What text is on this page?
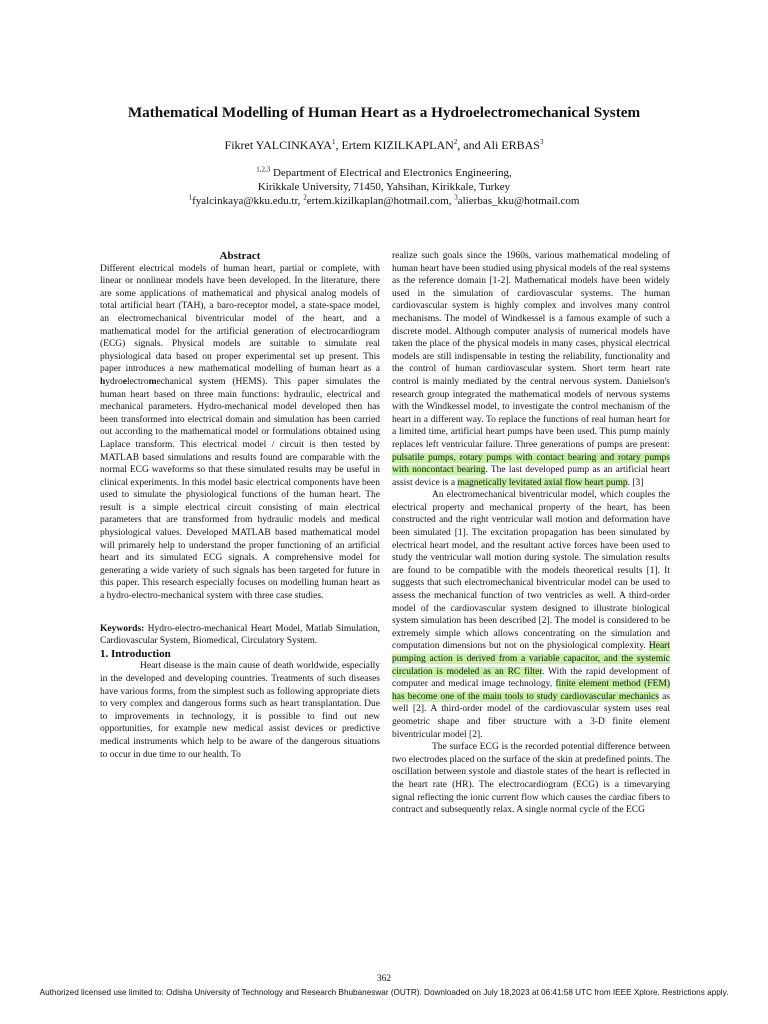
Mathematical Modelling of Human Heart as a Hydroelectromechanical System
Fikret YALCINKAYA$^1$, Ertem KIZILKAPLAN$^2$, and Ali ERBAS$^3$
$^{1,2,3}$ Department of Electrical and Electronics Engineering,
Kirikkale University, 71450, Yahsihan, Kirikkale, Turkey
$^1$fyalcinkaya@kku.edu.tr, $^2$ertem.kizilkaplan@hotmail.com, $^3$alierbas_kku@hotmail.com

Abstract

Different electrical models of human heart, partial or complete, with linear or nonlinear models have been developed. In the literature, there are some applications of mathematical and physical analog models of total artificial heart (TAH), a baro-receptor model, a state-space model, an electromechanical biventricular model of the heart, and a mathematical model for the artificial generation of electrocardiogram (ECG) signals. Physical models are suitable to simulate real physiological data based on proper experimental set up present. This paper introduces a new mathematical modelling of human heart as a hydroelectromechanical system (HEMS). This paper simulates the human heart based on three main functions: hydraulic, electrical and mechanical parameters. Hydro-mechanical model developed then has been transformed into electrical domain and simulation has been carried out according to the mathematical model or formulations obtained using Laplace transform. This electrical model / circuit is then tested by MATLAB based simulations and results found are comparable with the normal ECG waveforms so that these simulated results may be useful in clinical experiments. In this model basic electrical components have been used to simulate the physiological functions of the human heart. The result is a simple electrical circuit consisting of main electrical parameters that are transformed from hydraulic models and medical physiological values. Developed MATLAB based mathematical model will primarely help to understand the proper functioning of an artificial heart and its simulated ECG signals. A comprehensive model for generating a wide variety of such signals has been targeted for future in this paper. This research especially focuses on modelling human heart as a hydro-electro-mechanical system with three case studies.

Keywords: Hydro-electro-mechanical Heart Model, Matlab Simulation, Cardiovascular System, Biomedical, Circulatory System.

1. Introduction

Heart disease is the main cause of death worldwide, especially in the developed and developing countries. Treatments of such diseases have various forms, from the simplest such as following appropriate diets to very complex and dangerous forms such as heart transplantation. Due to improvements in technology, it is possible to find out new opportunities, for example new medical assist devices or predictive medical instruments which help to be aware of the dangerous situations to occur in due time to our health. To

realize such goals since the 1960s, various mathematical modeling of human heart have been studied using physical models of the real systems as the reference domain [1-2]. Mathematical models have been widely used in the simulation of cardiovascular systems. The human cardiovascular system is highly complex and involves many control mechanisms. The model of Windkessel is a famous example of such a discrete model. Although computer analysis of numerical models have taken the place of the physical models in many cases, physical electrical models are still indispensable in testing the reliability, functionality and the control of human cardiovascular system. Short term heart rate control is mainly mediated by the central nervous system. Danielson's research group integrated the mathematical models of nervous systems with the Windkessel model, to investigate the control mechanism of the heart in a different way. To replace the functions of real human heart for a limited time, artificial heart pumps have been used. This pump mainly replaces left ventricular failure. Three generations of pumps are present: pulsatile pumps, rotary pumps with contact bearing and rotary pumps with noncontact bearing. The last developed pump as an artificial heart assist device is a magnetically levitated axial flow heart pump. [3]

An electromechanical biventricular model, which couples the electrical property and mechanical property of the heart, has been constructed and the right ventricular wall motion and deformation have been simulated [1]. The excitation propagation has been simulated by electrical heart model, and the resultant active forces have been used to study the ventricular wall motion during systole. The simulation results are found to be compatible with the models theoretical results [1]. It suggests that such electromechanical biventricular model can be used to assess the mechanical function of two ventricles as well. A third-order model of the cardiovascular system designed to illustrate biological system simulation has been described [2]. The model is considered to be extremely simple which allows concentrating on the simulation and computation dimensions but not on the physiological complexity. Heart pumping action is derived from a variable capacitor, and the systemic circulation is modeled as an RC filter. With the rapid development of computer and medical image technology, finite element method (FEM) has become one of the main tools to study cardiovascular mechanics as well [2]. A third-order model of the cardiovascular system uses real geometric shape and fiber structure with a 3-D finite element biventricular model [2].

The surface ECG is the recorded potential difference between two electrodes placed on the surface of the skin at predefined points. The oscillation between systole and diastole states of the heart is reflected in the heart rate (HR). The electrocardiogram (ECG) is a timevarying signal reflecting the ionic current flow which causes the cardiac fibers to contract and subsequently relax. A single normal cycle of the ECG

362
Authorized licensed use limited to: Odisha University of Technology and Research Bhubaneswar (OUTR). Downloaded on July 18,2023 at 06:41:58 UTC from IEEE Xplore. Restrictions apply.
